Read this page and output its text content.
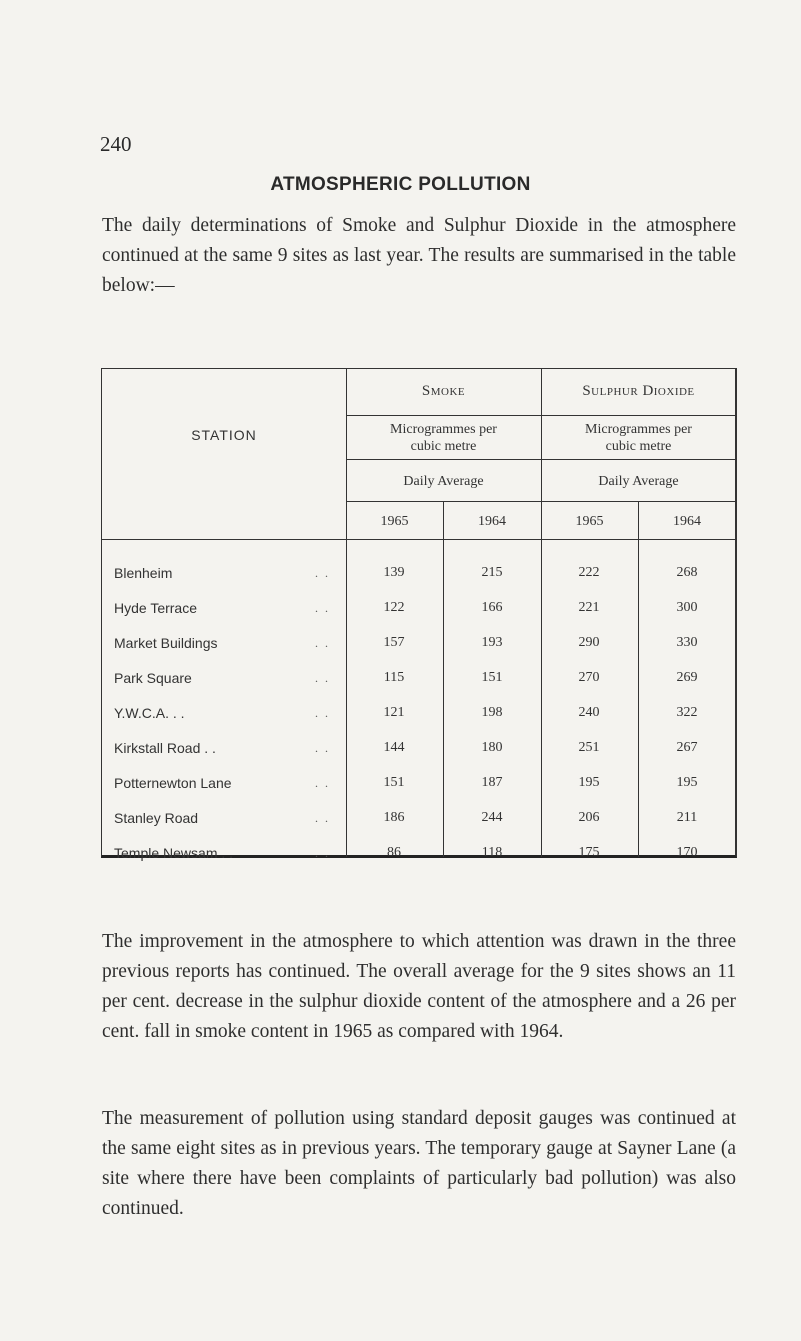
240
ATMOSPHERIC POLLUTION
The daily determinations of Smoke and Sulphur Dioxide in the atmosphere continued at the same 9 sites as last year. The results are summarised in the table below:—
STATION
Smoke	Sulphur Dioxide
Microgrammes per
cubic metre
Microgrammes per
cubic metre
Daily Average	Daily Average
1965	1964	1965	1964
Blenheim	. .	139	215	222	268
Hyde Terrace	. .	122	166	221	300
Market Buildings	. .	157	193	290	330
Park Square	. .	115	151	270	269
Y.W.C.A. . .	. .	121	198	240	322
Kirkstall Road . .	. .	144	180	251	267
Potternewton Lane	. .	151	187	195	195
Stanley Road	. .	186	244	206	211
Temple Newsam . .	. .	86	118	175	170
The improvement in the atmosphere to which attention was drawn in the three previous reports has continued. The overall average for the 9 sites shows an 11 per cent. decrease in the sulphur dioxide content of the atmosphere and a 26 per cent. fall in smoke content in 1965 as compared with 1964.
The measurement of pollution using standard deposit gauges was continued at the same eight sites as in previous years. The temporary gauge at Sayner Lane (a site where there have been complaints of particularly bad pollution) was also continued.
